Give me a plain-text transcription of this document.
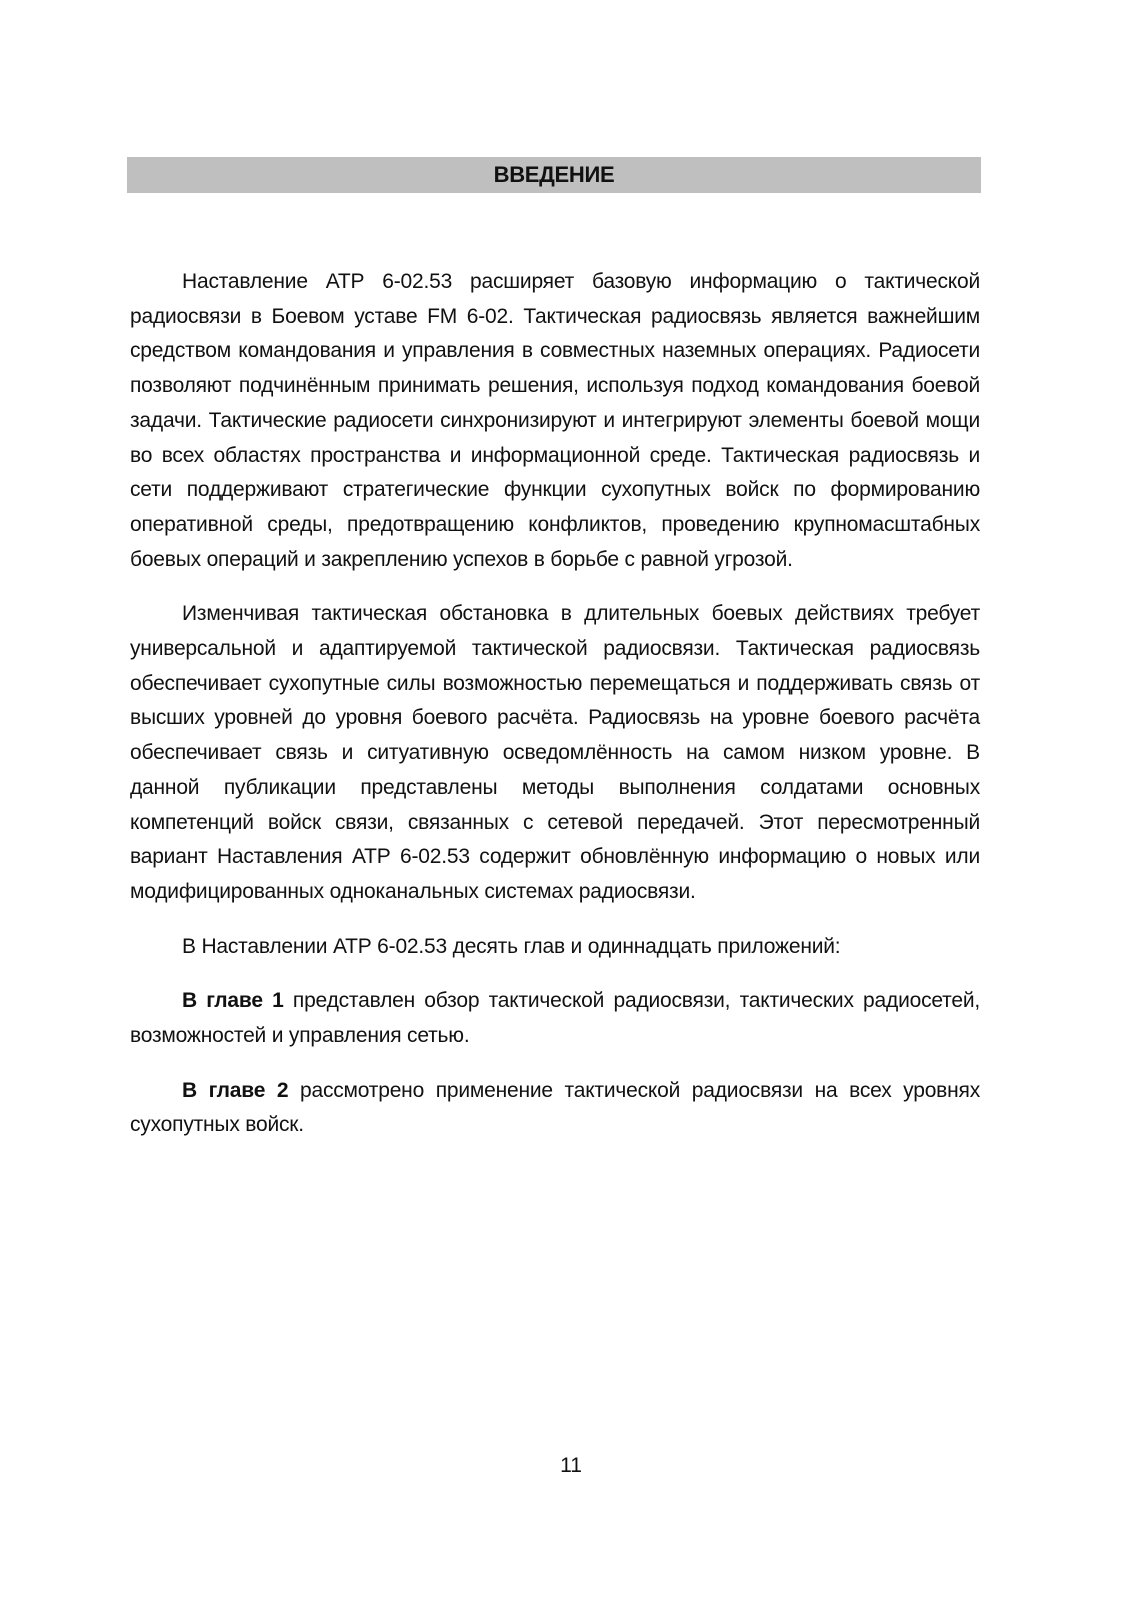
ВВЕДЕНИЕ

Наставление АТР 6-02.53 расширяет базовую информацию о тактической радиосвязи в Боевом уставе FM 6-02. Тактическая радиосвязь является важнейшим средством командования и управления в совместных наземных операциях. Радиосети позволяют подчинённым принимать решения, используя подход командования боевой задачи. Тактические радиосети синхронизируют и интегрируют элементы боевой мощи во всех областях пространства и информационной среде. Тактическая радиосвязь и сети поддерживают стратегические функции сухопутных войск по формированию оперативной среды, предотвращению конфликтов, проведению крупномасштабных боевых операций и закреплению успехов в борьбе с равной угрозой.

Изменчивая тактическая обстановка в длительных боевых действиях требует универсальной и адаптируемой тактической радиосвязи. Тактическая радиосвязь обеспечивает сухопутные силы возможностью перемещаться и поддерживать связь от высших уровней до уровня боевого расчёта. Радиосвязь на уровне боевого расчёта обеспечивает связь и ситуативную осведомлённость на самом низком уровне. В данной публикации представлены методы выполнения солдатами основных компетенций войск связи, связанных с сетевой передачей. Этот пересмотренный вариант Наставления АТР 6-02.53 содержит обновлённую информацию о новых или модифицированных одноканальных системах радиосвязи.

В Наставлении АТР 6-02.53 десять глав и одиннадцать приложений:

В главе 1 представлен обзор тактической радиосвязи, тактических радиосетей, возможностей и управления сетью.

В главе 2 рассмотрено применение тактической радиосвязи на всех уровнях сухопутных войск.

11
